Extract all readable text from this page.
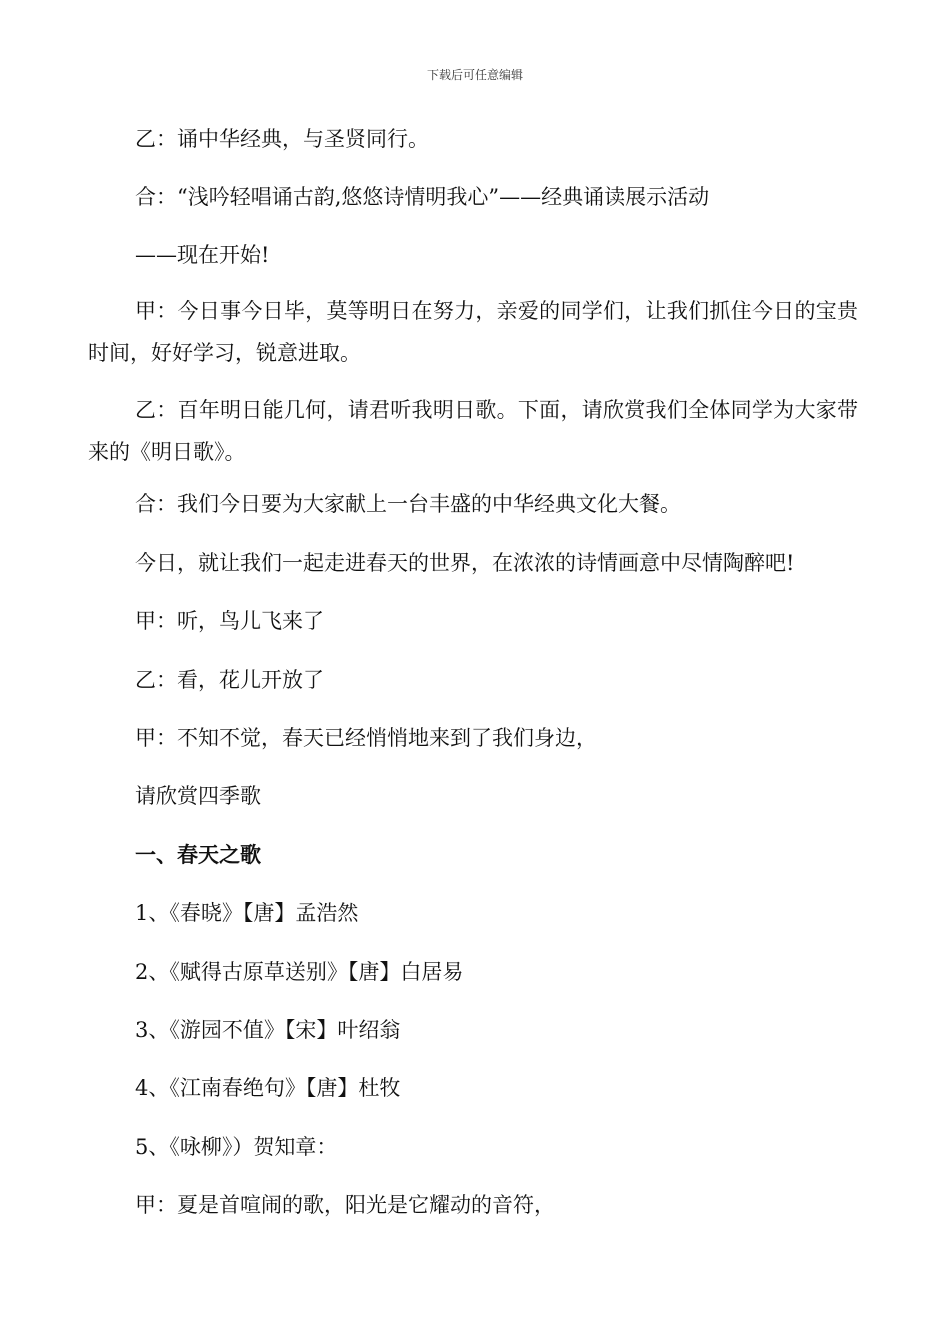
下载后可任意编辑
乙：诵中华经典，与圣贤同行。
合：“浅吟轻唱诵古韵,悠悠诗情明我心”——经典诵读展示活动
——现在开始!
甲：今日事今日毕，莫等明日在努力，亲爱的同学们，让我们抓住今日的宝贵时间，好好学习，锐意进取。
乙：百年明日能几何，请君听我明日歌。下面，请欣赏我们全体同学为大家带来的《明日歌》。
合：我们今日要为大家献上一台丰盛的中华经典文化大餐。
今日，就让我们一起走进春天的世界，在浓浓的诗情画意中尽情陶醉吧!
甲：听，鸟儿飞来了
乙：看，花儿开放了
甲：不知不觉，春天已经悄悄地来到了我们身边，
请欣赏四季歌
一、春天之歌
1、《春晓》【唐】孟浩然
2、《赋得古原草送别》【唐】白居易
3、《游园不值》【宋】叶绍翁
4、《江南春绝句》【唐】杜牧
5、《咏柳》）贺知章：
甲：夏是首喧闹的歌，阳光是它耀动的音符，
